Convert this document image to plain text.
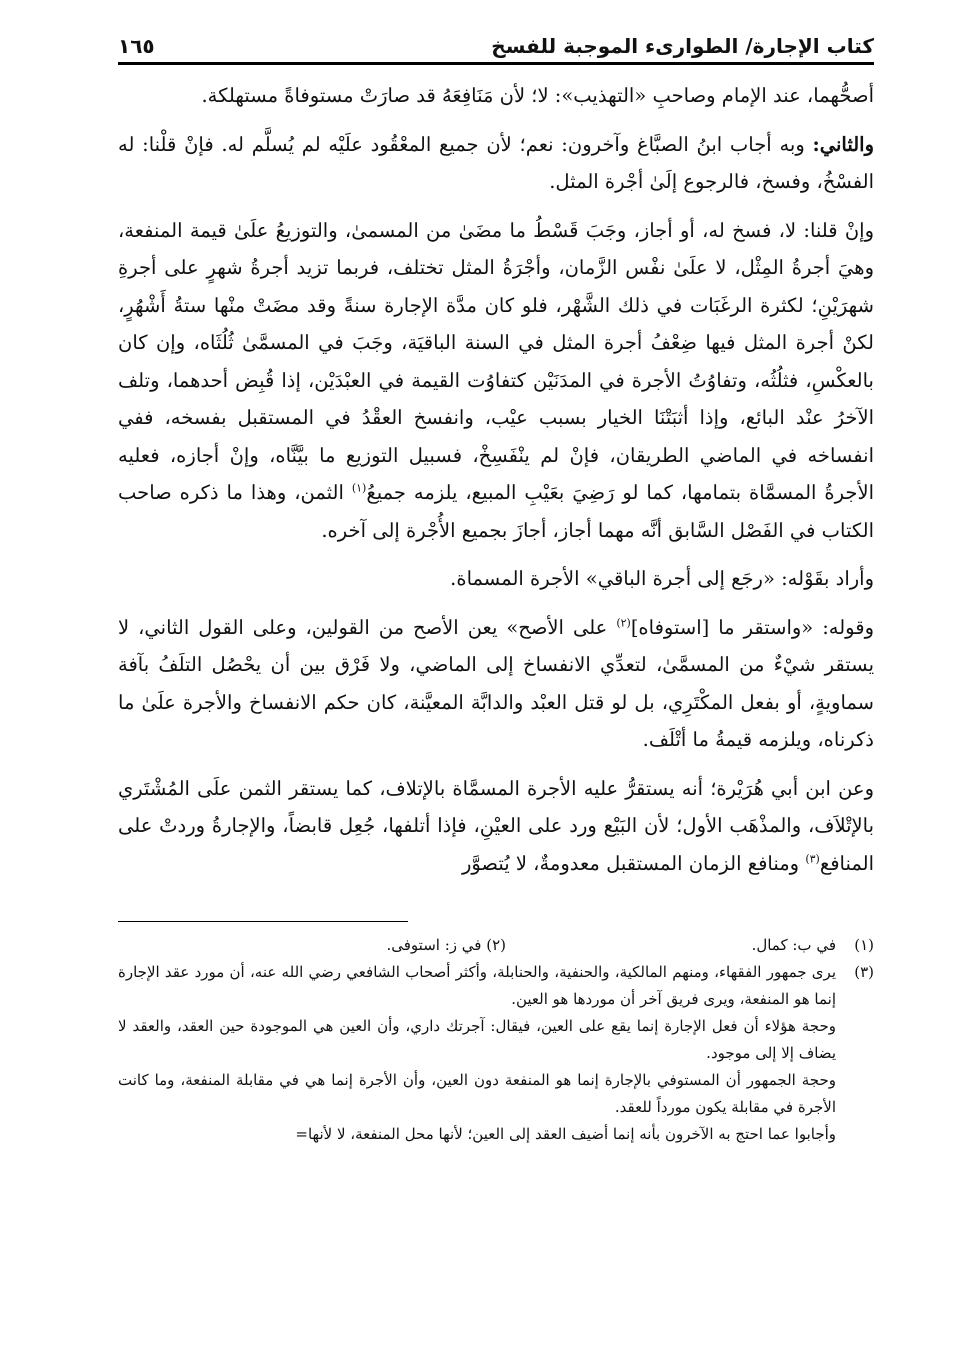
كتاب الإجارة/ الطوارىء الموجبة للفسخ
١٦٥

أصحُّهما، عند الإمام وصاحبِ «التهذيب»: لا؛ لأن مَنَافِعَهُ قد صارَتْ مستوفاةً مستهلكة.

والثاني: وبه أجاب ابنُ الصبَّاغ وآخرون: نعم؛ لأن جميع المعْقُود علَيْه لم يُسلَّم له. فإنْ قلْنا: له الفسْخُ، وفسخ، فالرجوع إلَىٰ أجْرة المثل.

وإنْ قلنا: لا، فسخ له، أو أجاز، وجَبَ قَسْطُ ما مضَىٰ من المسمىٰ، والتوزيعُ علَىٰ قيمة المنفعة، وهيَ أجرةُ المِثْل، لا علَىٰ نفْس الزَّمان، وأجْرَةُ المثل تختلف، فربما تزيد أجرةُ شهرٍ على أجرةِ شهرَيْنِ؛ لكثرة الرغَبَات في ذلك الشَّهْر، فلو كان مدَّة الإجارة سنةً وقد مضَتْ منْها ستةُ أَشْهُرٍ، لكنْ أجرة المثل فيها ضِعْفُ أجرة المثل في السنة الباقيَة، وجَبَ في المسمَّىٰ ثُلُثَاه، وإن كان بالعكْسِ، فثلُثُه، وتفاوُتُ الأجرة في المدَنَيْن كتفاوُت القيمة في العبْدَيْن، إذا قُبِض أحدهما، وتلف الآخرُ عنْد البائع، وإذا أثبَتْنَا الخيار بسبب عيْب، وانفسخ العقْدُ في المستقبل بفسخه، ففي انفساخه في الماضي الطريقان، فإنْ لم ينْفَسِخْ، فسبيل التوزيع ما بيَّنَّاه، وإنْ أجازه، فعليه الأجرةُ المسمَّاة بتمامها، كما لو رَضِيَ بعَيْبِ المبيع، يلزمه جميعُ$^{(١)}$ الثمن، وهذا ما ذكره صاحب الكتاب في الفَصْل السَّابق أنَّه مهما أجاز، أجازَ بجميع الأُجْرة إلى آخره.

وأراد بقَوْله: «رجَع إلى أجرة الباقي» الأجرة المسماة.

وقوله: «واستقر ما [استوفاه]$^{(٢)}$ على الأصح» يعن الأصح من القولين، وعلى القول الثاني، لا يستقر شيْءٌ من المسمَّىٰ، لتعدِّي الانفساخ إلى الماضي، ولا فَرْق بين أن يحْصُل التلَفُ بآفة سماويةٍ، أو بفعل المكْتَرِي، بل لو قتل العبْد والدابَّة المعيَّنة، كان حكم الانفساخ والأجرة علَىٰ ما ذكرناه، ويلزمه قيمةُ ما أتْلَف.

وعن ابن أبي هُرَيْرة؛ أنه يستقرُّ عليه الأجرة المسمَّاة بالإتلاف، كما يستقر الثمن علَى المُشْتَري بالإتْلاَف، والمذْهَب الأول؛ لأن البَيْع ورد على العيْنِ، فإذا أتلفها، جُعِل قابضاً، والإجارةُ وردتْ على المنافع$^{(٣)}$ ومنافع الزمان المستقبل معدومةٌ، لا يُتصوَّر

(١)
في ب: كمال.
(٢) في ز: استوفى.
(٣)
يرى جمهور الفقهاء، ومنهم المالكية، والحنفية، والحنابلة، وأكثر أصحاب الشافعي رضي الله عنه، أن مورد عقد الإجارة إنما هو المنفعة، ويرى فريق آخر أن موردها هو العين.
وحجة هؤلاء أن فعل الإجارة إنما يقع على العين، فيقال: آجرتك داري، وأن العين هي الموجودة حين العقد، والعقد لا يضاف إلا إلى موجود.
وحجة الجمهور أن المستوفي بالإجارة إنما هو المنفعة دون العين، وأن الأجرة إنما هي في مقابلة المنفعة، وما كانت الأجرة في مقابلة يكون مورداً للعقد.
وأجابوا عما احتج به الآخرون بأنه إنما أضيف العقد إلى العين؛ لأنها محل المنفعة، لا لأنها=
